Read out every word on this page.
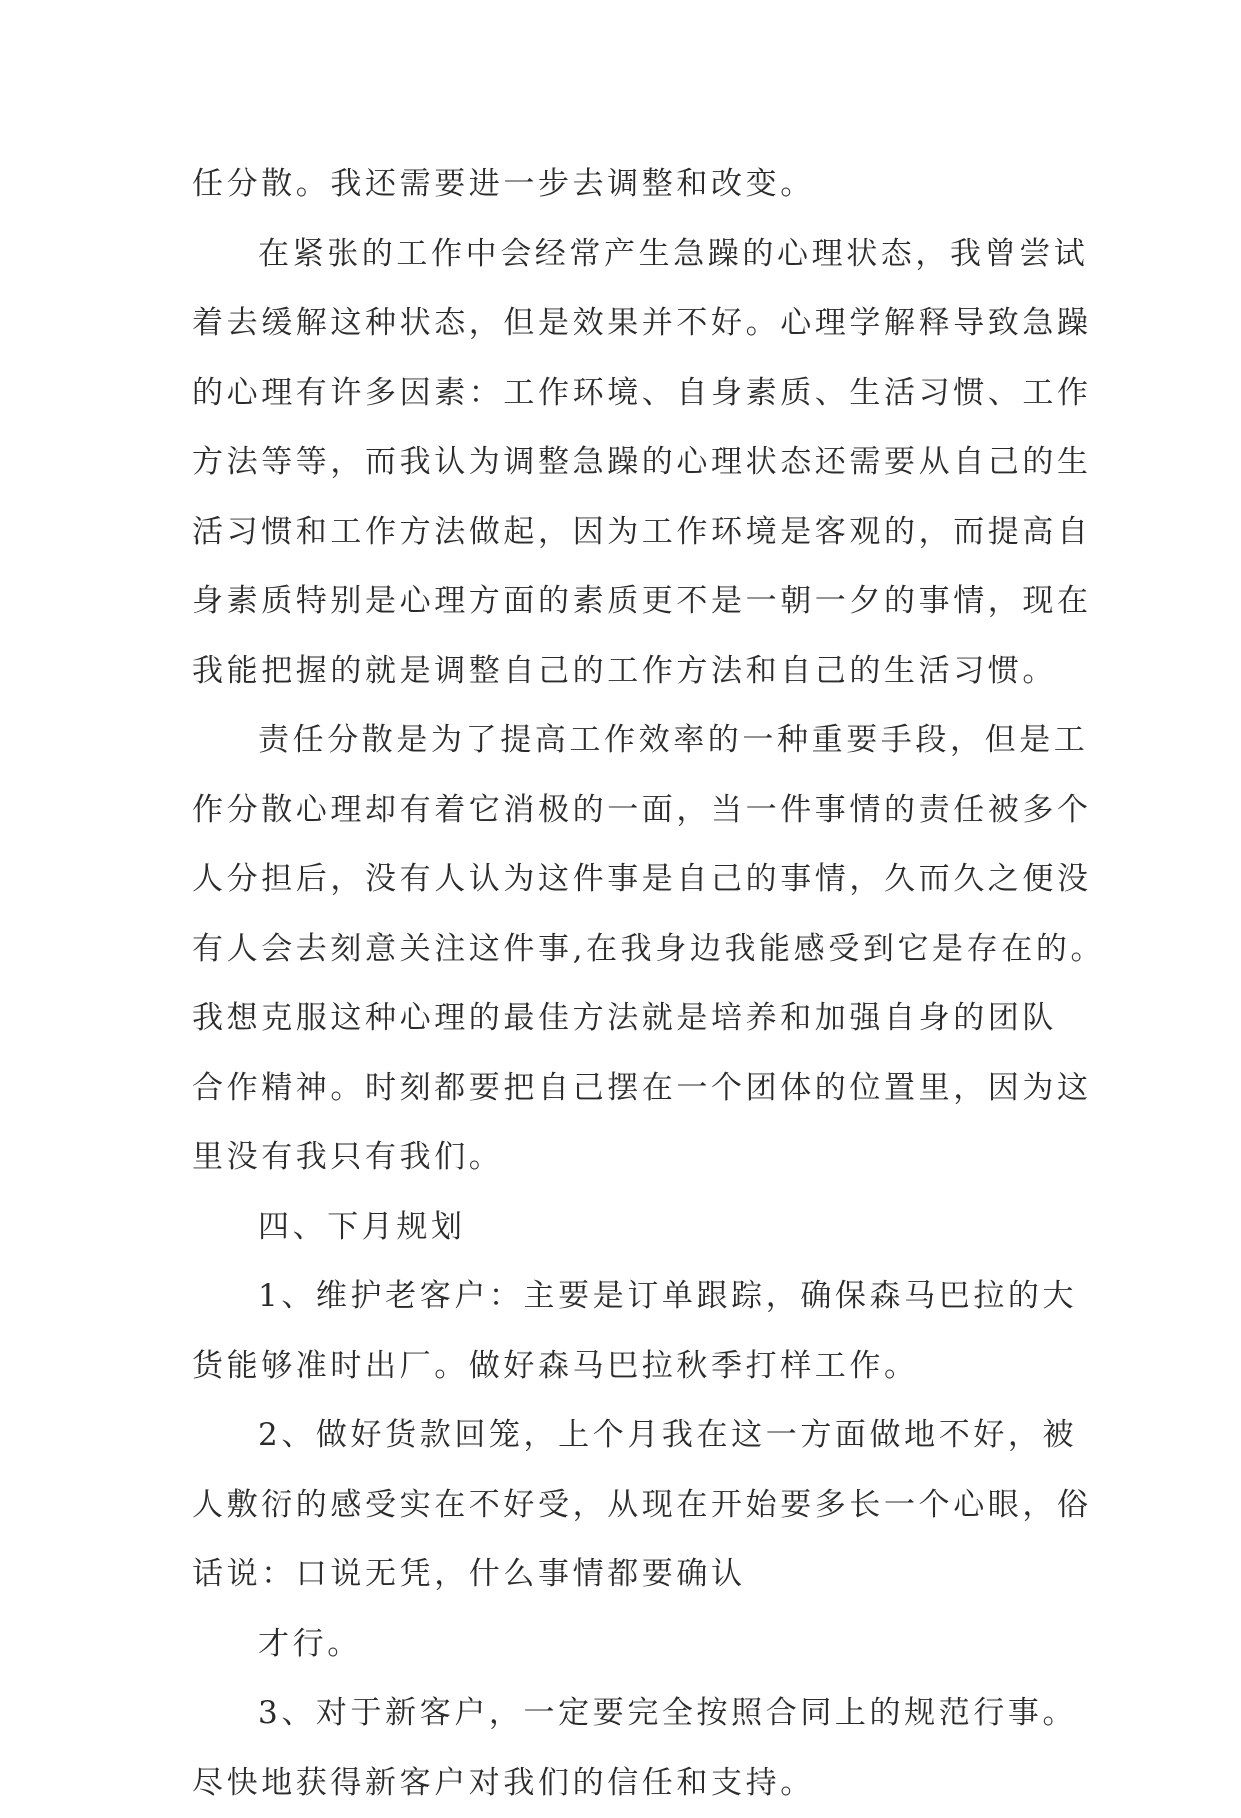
任分散。我还需要进一步去调整和改变。
在紧张的工作中会经常产生急躁的心理状态，我曾尝试
着去缓解这种状态，但是效果并不好。心理学解释导致急躁
的心理有许多因素：工作环境、自身素质、生活习惯、工作
方法等等，而我认为调整急躁的心理状态还需要从自己的生
活习惯和工作方法做起，因为工作环境是客观的，而提高自
身素质特别是心理方面的素质更不是一朝一夕的事情，现在
我能把握的就是调整自己的工作方法和自己的生活习惯。
责任分散是为了提高工作效率的一种重要手段，但是工
作分散心理却有着它消极的一面，当一件事情的责任被多个
人分担后，没有人认为这件事是自己的事情，久而久之便没
有人会去刻意关注这件事,在我身边我能感受到它是存在的。
我想克服这种心理的最佳方法就是培养和加强自身的团队
合作精神。时刻都要把自己摆在一个团体的位置里，因为这
里没有我只有我们。
四、下月规划
1、维护老客户：主要是订单跟踪，确保森马巴拉的大
货能够准时出厂。做好森马巴拉秋季打样工作。
2、做好货款回笼，上个月我在这一方面做地不好，被
人敷衍的感受实在不好受，从现在开始要多长一个心眼，俗
话说：口说无凭，什么事情都要确认
才行。
3、对于新客户，一定要完全按照合同上的规范行事。
尽快地获得新客户对我们的信任和支持。
